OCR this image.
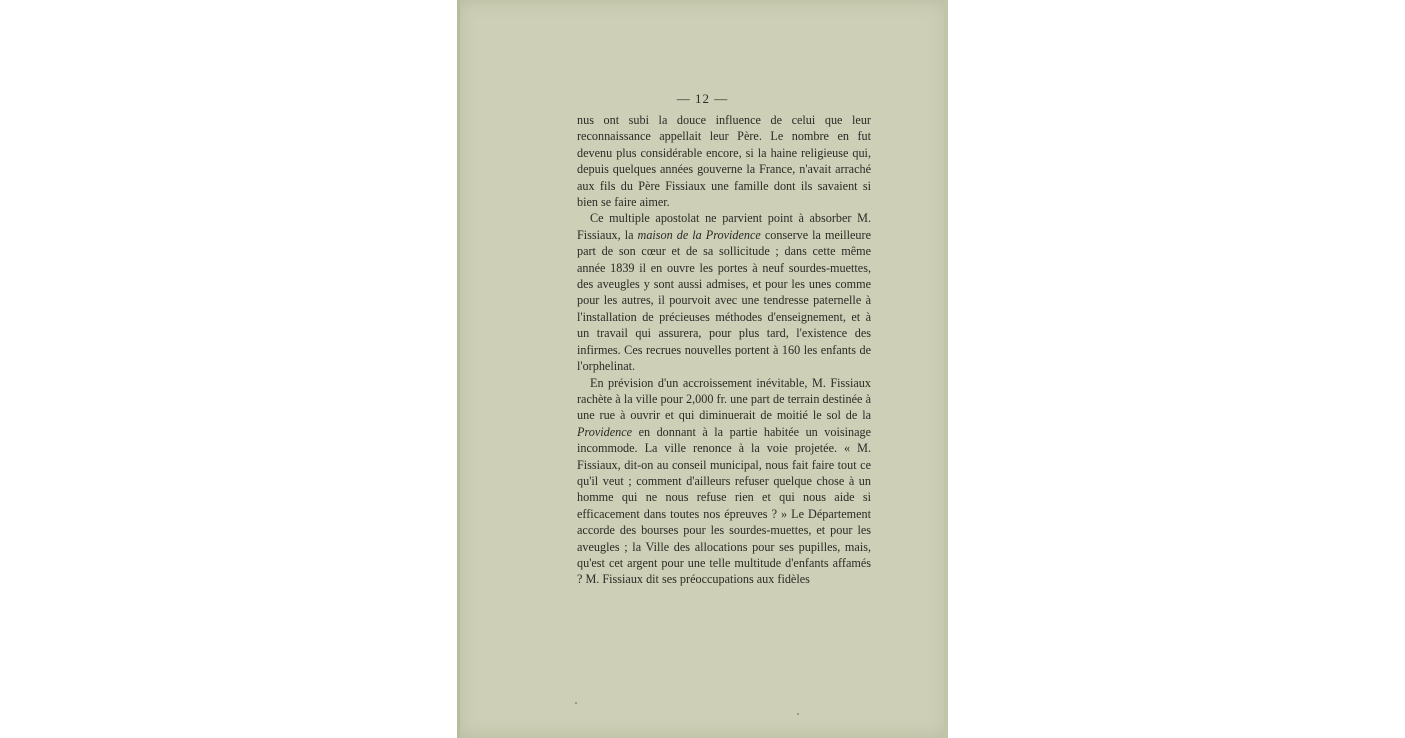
— 12 —

nus ont subi la douce influence de celui que leur reconnaissance appellait leur Père. Le nombre en fut devenu plus considérable encore, si la haine religieuse qui, depuis quelques années gouverne la France, n'avait arraché aux fils du Père Fissiaux une famille dont ils savaient si bien se faire aimer.

Ce multiple apostolat ne parvient point à absorber M. Fissiaux, la maison de la Providence conserve la meilleure part de son cœur et de sa sollicitude ; dans cette même année 1839 il en ouvre les portes à neuf sourdes-muettes, des aveugles y sont aussi admises, et pour les unes comme pour les autres, il pourvoit avec une tendresse paternelle à l'installation de précieuses méthodes d'enseignement, et à un travail qui assurera, pour plus tard, l'existence des infirmes. Ces recrues nouvelles portent à 160 les enfants de l'orphelinat.

En prévision d'un accroissement inévitable, M. Fissiaux rachète à la ville pour 2,000 fr. une part de terrain destinée à une rue à ouvrir et qui diminuerait de moitié le sol de la Providence en donnant à la partie habitée un voisinage incommode. La ville renonce à la voie projetée. « M. Fissiaux, dit-on au conseil municipal, nous fait faire tout ce qu'il veut ; comment d'ailleurs refuser quelque chose à un homme qui ne nous refuse rien et qui nous aide si efficacement dans toutes nos épreuves ? » Le Département accorde des bourses pour les sourdes-muettes, et pour les aveugles ; la Ville des allocations pour ses pupilles, mais, qu'est cet argent pour une telle multitude d'enfants affamés ? M. Fissiaux dit ses préoccupations aux fidèles
